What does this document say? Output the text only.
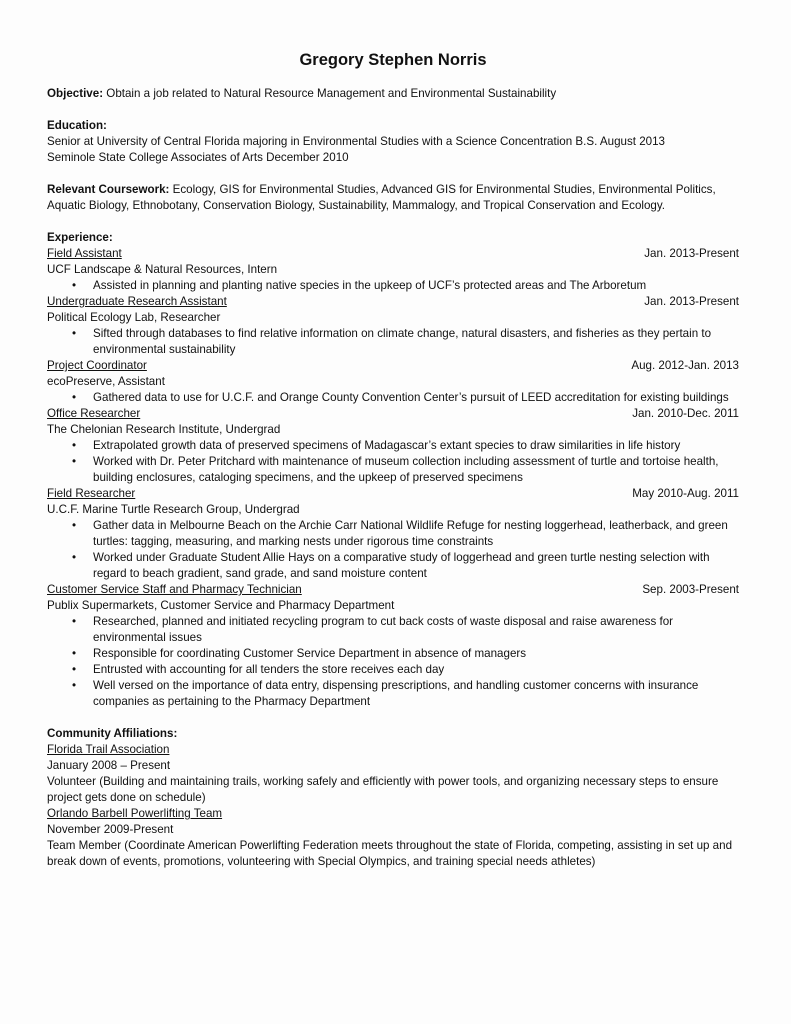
Gregory Stephen Norris

Objective: Obtain a job related to Natural Resource Management and Environmental Sustainability

Education:
Senior at University of Central Florida majoring in Environmental Studies with a Science Concentration B.S. August 2013
Seminole State College Associates of Arts December 2010

Relevant Coursework: Ecology, GIS for Environmental Studies, Advanced GIS for Environmental Studies, Environmental Politics, Aquatic Biology, Ethnobotany, Conservation Biology, Sustainability, Mammalogy, and Tropical Conservation and Ecology.

Experience:
Field Assistant	Jan. 2013-Present
UCF Landscape & Natural Resources, Intern
• Assisted in planning and planting native species in the upkeep of UCF’s protected areas and The Arboretum
Undergraduate Research Assistant	Jan. 2013-Present
Political Ecology Lab, Researcher
• Sifted through databases to find relative information on climate change, natural disasters, and fisheries as they pertain to environmental sustainability
Project Coordinator	Aug. 2012-Jan. 2013
ecoPreserve, Assistant
• Gathered data to use for U.C.F. and Orange County Convention Center’s pursuit of LEED accreditation for existing buildings
Office Researcher	Jan. 2010-Dec. 2011
The Chelonian Research Institute, Undergrad
• Extrapolated growth data of preserved specimens of Madagascar’s extant species to draw similarities in life history
• Worked with Dr. Peter Pritchard with maintenance of museum collection including assessment of turtle and tortoise health, building enclosures, cataloging specimens, and the upkeep of preserved specimens
Field Researcher	May 2010-Aug. 2011
U.C.F. Marine Turtle Research Group, Undergrad
• Gather data in Melbourne Beach on the Archie Carr National Wildlife Refuge for nesting loggerhead, leatherback, and green turtles: tagging, measuring, and marking nests under rigorous time constraints
• Worked under Graduate Student Allie Hays on a comparative study of loggerhead and green turtle nesting selection with regard to beach gradient, sand grade, and sand moisture content
Customer Service Staff and Pharmacy Technician	Sep. 2003-Present
Publix Supermarkets, Customer Service and Pharmacy Department
• Researched, planned and initiated recycling program to cut back costs of waste disposal and raise awareness for environmental issues
• Responsible for coordinating Customer Service Department in absence of managers
• Entrusted with accounting for all tenders the store receives each day
• Well versed on the importance of data entry, dispensing prescriptions, and handling customer concerns with insurance companies as pertaining to the Pharmacy Department
Community Affiliations:
Florida Trail Association
January 2008 – Present
Volunteer (Building and maintaining trails, working safely and efficiently with power tools, and organizing necessary steps to ensure project gets done on schedule)
Orlando Barbell Powerlifting Team
November 2009-Present
Team Member (Coordinate American Powerlifting Federation meets throughout the state of Florida, competing, assisting in set up and break down of events, promotions, volunteering with Special Olympics, and training special needs athletes)
